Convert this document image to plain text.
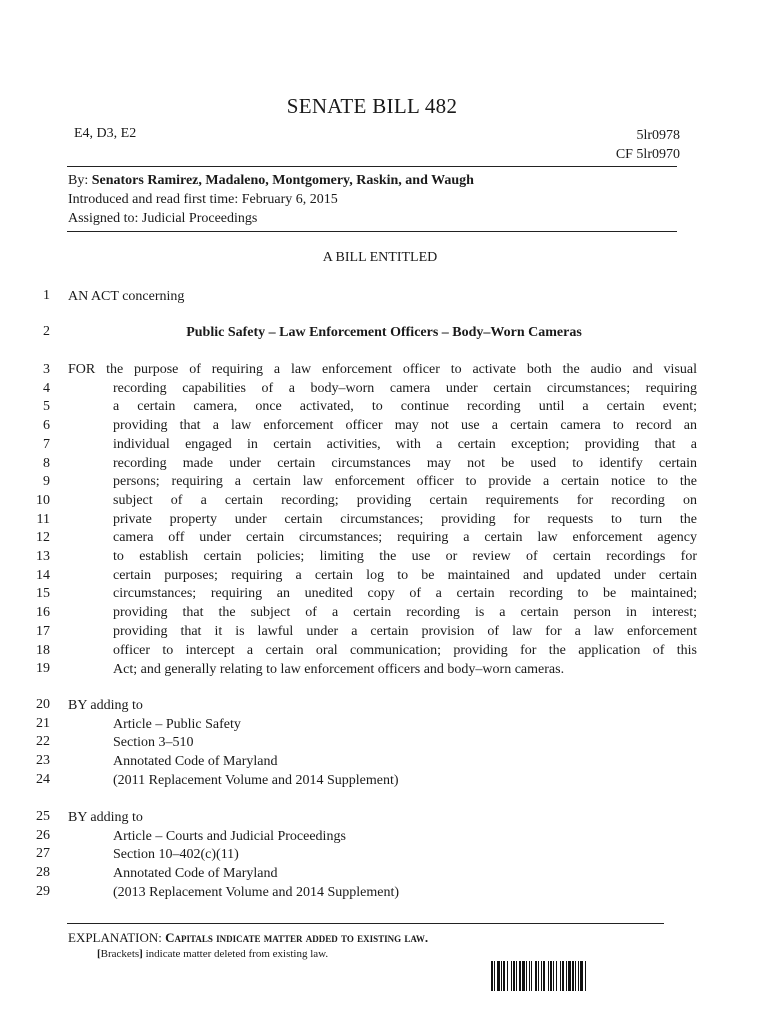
SENATE BILL 482
E4, D3, E2	5lr0978
CF 5lr0970
By: Senators Ramirez, Madaleno, Montgomery, Raskin, and Waugh
Introduced and read first time: February 6, 2015
Assigned to: Judicial Proceedings
A BILL ENTITLED
1 AN ACT concerning
2	Public Safety – Law Enforcement Officers – Body–Worn Cameras
3 FOR the purpose of requiring a law enforcement officer to activate both the audio and visual
4	recording capabilities of a body–worn camera under certain circumstances; requiring
5	a certain camera, once activated, to continue recording until a certain event;
6	providing that a law enforcement officer may not use a certain camera to record an
7	individual engaged in certain activities, with a certain exception; providing that a
8	recording made under certain circumstances may not be used to identify certain
9	persons; requiring a certain law enforcement officer to provide a certain notice to the
10	subject of a certain recording; providing certain requirements for recording on
11	private property under certain circumstances; providing for requests to turn the
12	camera off under certain circumstances; requiring a certain law enforcement agency
13	to establish certain policies; limiting the use or review of certain recordings for
14	certain purposes; requiring a certain log to be maintained and updated under certain
15	circumstances; requiring an unedited copy of a certain recording to be maintained;
16	providing that the subject of a certain recording is a certain person in interest;
17	providing that it is lawful under a certain provision of law for a law enforcement
18	officer to intercept a certain oral communication; providing for the application of this
19	Act; and generally relating to law enforcement officers and body–worn cameras.
20 BY adding to
21	Article – Public Safety
22	Section 3–510
23	Annotated Code of Maryland
24	(2011 Replacement Volume and 2014 Supplement)
25 BY adding to
26	Article – Courts and Judicial Proceedings
27	Section 10–402(c)(11)
28	Annotated Code of Maryland
29	(2013 Replacement Volume and 2014 Supplement)
EXPLANATION: Capitals indicate matter added to existing law.
[Brackets] indicate matter deleted from existing law.
